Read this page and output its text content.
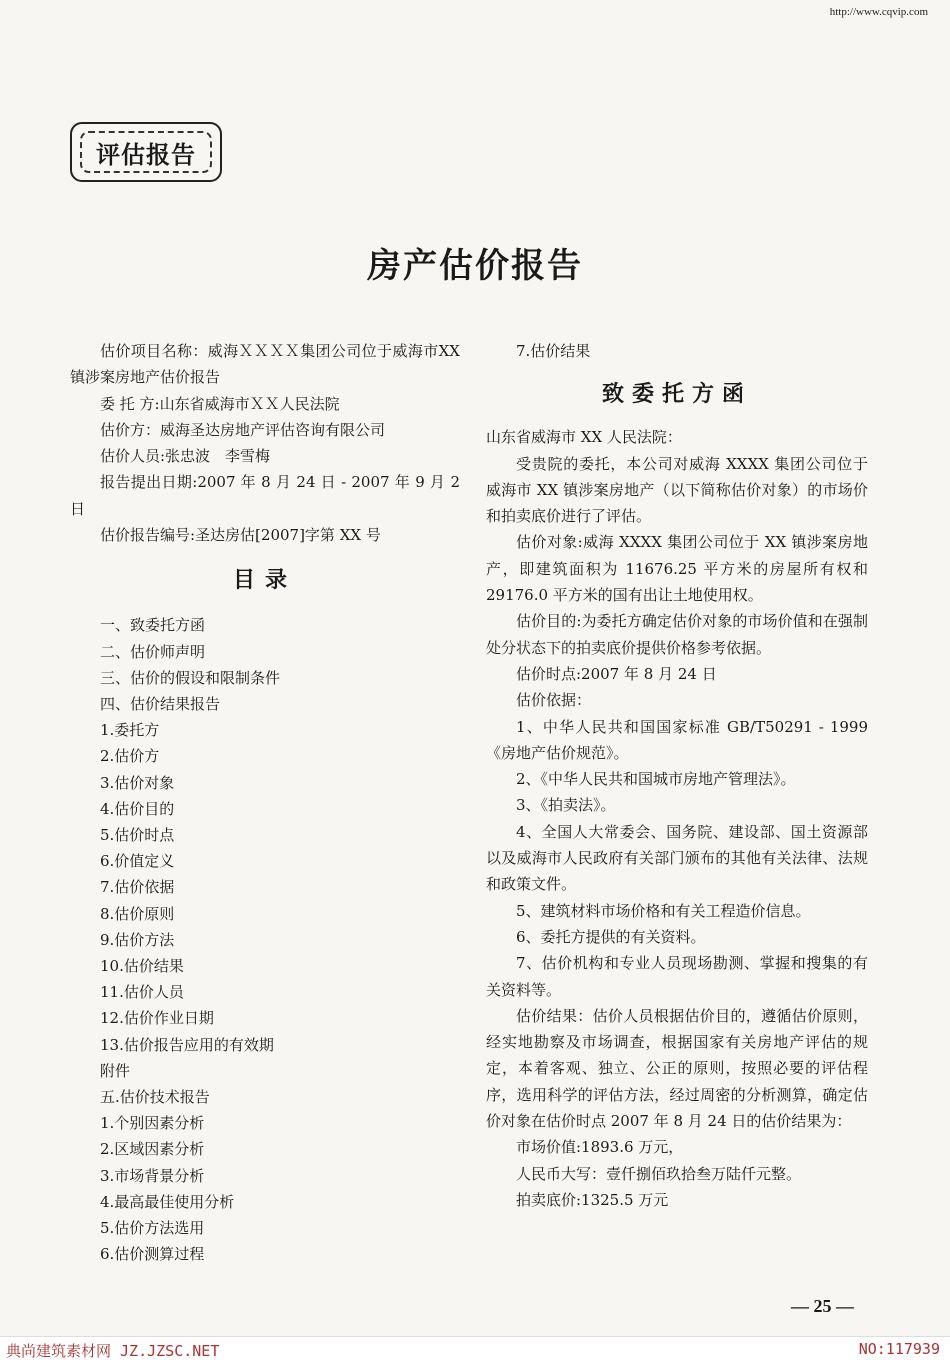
http://www.cqvip.com
评估报告
房产估价报告

估价项目名称：威海ＸＸＸＸ集团公司位于威海市XX镇涉案房地产估价报告

委 托 方:山东省威海市ＸＸ人民法院

估价方：威海圣达房地产评估咨询有限公司

估价人员:张忠波　李雪梅

报告提出日期:2007 年 8 月 24 日 - 2007 年 9 月 2 日

估价报告编号:圣达房估[2007]字第 XX 号

目录

一、致委托方函

二、估价师声明

三、估价的假设和限制条件

四、估价结果报告

1.委托方

2.估价方

3.估价对象

4.估价目的

5.估价时点

6.价值定义

7.估价依据

8.估价原则

9.估价方法

10.估价结果

11.估价人员

12.估价作业日期

13.估价报告应用的有效期

附件

五.估价技术报告

1.个别因素分析

2.区域因素分析

3.市场背景分析

4.最高最佳使用分析

5.估价方法选用

6.估价测算过程

7.估价结果

致委托方函

山东省威海市 XX 人民法院：

受贵院的委托，本公司对威海 XXXX 集团公司位于威海市 XX 镇涉案房地产（以下简称估价对象）的市场价和拍卖底价进行了评估。

估价对象:威海 XXXX 集团公司位于 XX 镇涉案房地产，即建筑面积为 11676.25 平方米的房屋所有权和 29176.0 平方米的国有出让土地使用权。

估价目的:为委托方确定估价对象的市场价值和在强制处分状态下的拍卖底价提供价格参考依据。

估价时点:2007 年 8 月 24 日

估价依据：

1、中华人民共和国国家标准 GB/T50291 - 1999《房地产估价规范》。

2、《中华人民共和国城市房地产管理法》。

3、《拍卖法》。

4、全国人大常委会、国务院、建设部、国土资源部以及威海市人民政府有关部门颁布的其他有关法律、法规和政策文件。

5、建筑材料市场价格和有关工程造价信息。

6、委托方提供的有关资料。

7、估价机构和专业人员现场勘测、掌握和搜集的有关资料等。

估价结果：估价人员根据估价目的，遵循估价原则，经实地勘察及市场调查，根据国家有关房地产评估的规定，本着客观、独立、公正的原则，按照必要的评估程序，选用科学的评估方法，经过周密的分析测算，确定估价对象在估价时点 2007 年 8 月 24 日的估价结果为：

市场价值:1893.6 万元，

人民币大写：壹仟捌佰玖拾叁万陆仟元整。

拍卖底价:1325.5 万元

— 25 —
典尚建筑素材网 JZ.JZSC.NET	NO:117939
